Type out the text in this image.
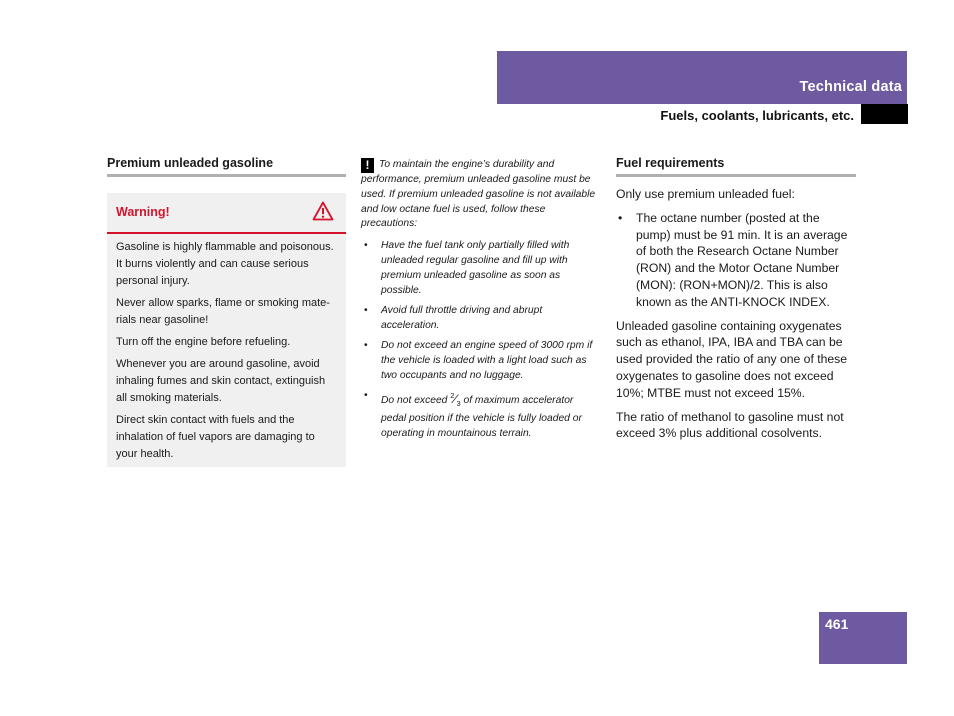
Technical data
Fuels, coolants, lubricants, etc.
Premium unleaded gasoline
Warning!

Gasoline is highly flammable and poisonous. It burns violently and can cause serious personal injury.

Never allow sparks, flame or smoking mate-rials near gasoline!

Turn off the engine before refueling.

Whenever you are around gasoline, avoid inhaling fumes and skin contact, extinguish all smoking materials.

Direct skin contact with fuels and the inhalation of fuel vapors are damaging to your health.

! To maintain the engine’s durability and performance, premium unleaded gasoline must be used. If premium unleaded gasoline is not available and low octane fuel is used, follow these precautions:

• Have the fuel tank only partially filled with unleaded regular gasoline and fill up with premium unleaded gasoline as soon as possible.
• Avoid full throttle driving and abrupt acceleration.
• Do not exceed an engine speed of 3000 rpm if the vehicle is loaded with a light load such as two occupants and no luggage.
• Do not exceed $^2⁄_3$ of maximum accelerator pedal position if the vehicle is fully loaded or operating in mountainous terrain.
Fuel requirements

Only use premium unleaded fuel:

• The octane number (posted at the pump) must be 91 min. It is an average of both the Research Octane Number (RON) and the Motor Octane Number (MON): (RON+MON)/2. This is also known as the ANTI-KNOCK INDEX.

Unleaded gasoline containing oxygenates such as ethanol, IPA, IBA and TBA can be used provided the ratio of any one of these oxygenates to gasoline does not exceed 10%; MTBE must not exceed 15%.

The ratio of methanol to gasoline must not exceed 3% plus additional cosolvents.

461
